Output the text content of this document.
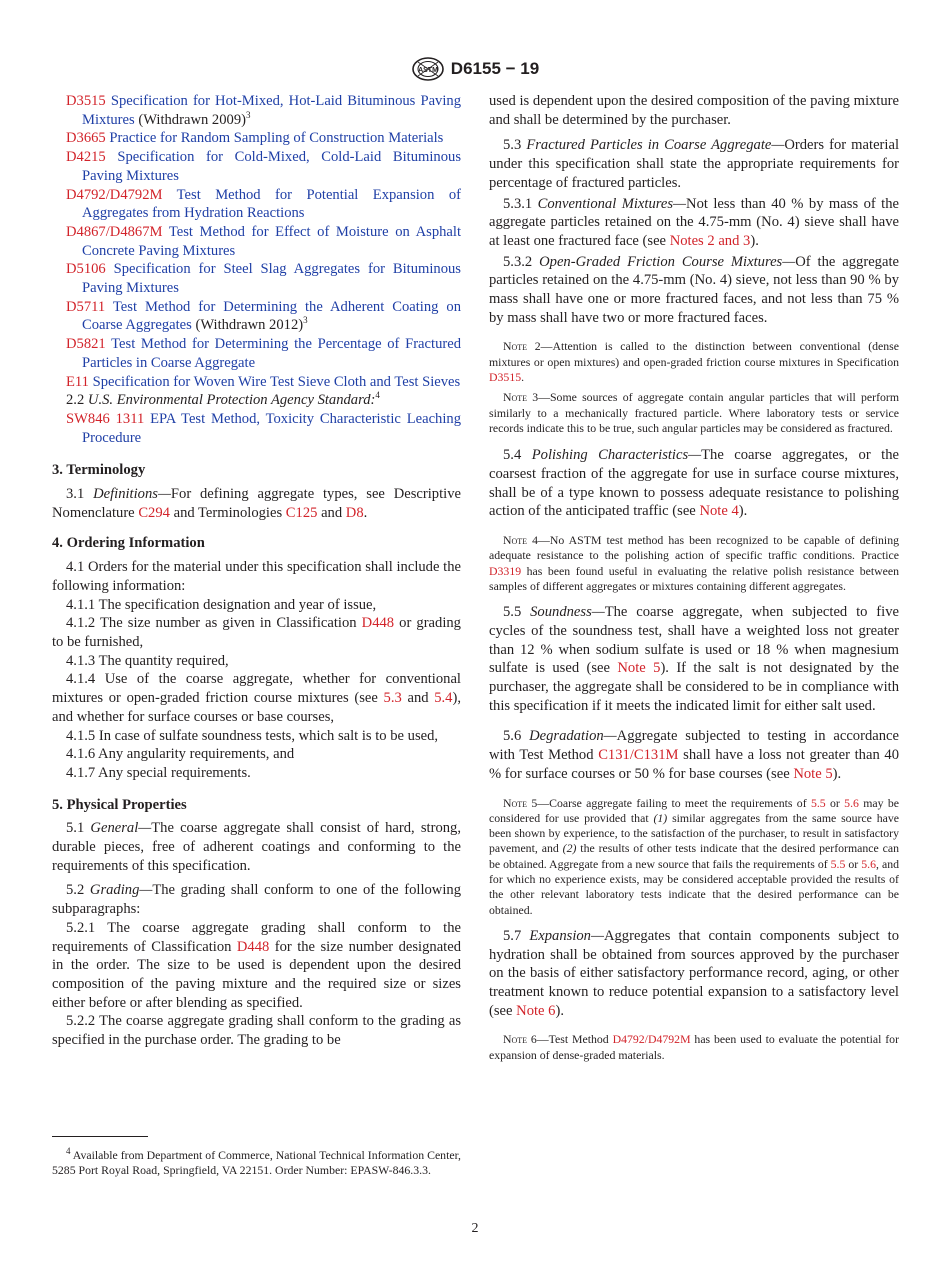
ASTM D6155 − 19

D3515 Specification for Hot-Mixed, Hot-Laid Bituminous Paving Mixtures (Withdrawn 2009)$^3$

D3665 Practice for Random Sampling of Construction Materials

D4215 Specification for Cold-Mixed, Cold-Laid Bituminous Paving Mixtures

D4792/D4792M Test Method for Potential Expansion of Aggregates from Hydration Reactions

D4867/D4867M Test Method for Effect of Moisture on Asphalt Concrete Paving Mixtures

D5106 Specification for Steel Slag Aggregates for Bituminous Paving Mixtures

D5711 Test Method for Determining the Adherent Coating on Coarse Aggregates (Withdrawn 2012)$^3$

D5821 Test Method for Determining the Percentage of Fractured Particles in Coarse Aggregate

E11 Specification for Woven Wire Test Sieve Cloth and Test Sieves

2.2 U.S. Environmental Protection Agency Standard:$^4$

SW846 1311 EPA Test Method, Toxicity Characteristic Leaching Procedure

3. Terminology

3.1 Definitions—For defining aggregate types, see Descriptive Nomenclature C294 and Terminologies C125 and D8.

4. Ordering Information

4.1 Orders for the material under this specification shall include the following information:

4.1.1 The specification designation and year of issue,

4.1.2 The size number as given in Classification D448 or grading to be furnished,

4.1.3 The quantity required,

4.1.4 Use of the coarse aggregate, whether for conventional mixtures or open-graded friction course mixtures (see 5.3 and 5.4), and whether for surface courses or base courses,

4.1.5 In case of sulfate soundness tests, which salt is to be used,

4.1.6 Any angularity requirements, and

4.1.7 Any special requirements.

5. Physical Properties

5.1 General—The coarse aggregate shall consist of hard, strong, durable pieces, free of adherent coatings and conforming to the requirements of this specification.

5.2 Grading—The grading shall conform to one of the following subparagraphs:

5.2.1 The coarse aggregate grading shall conform to the requirements of Classification D448 for the size number designated in the order. The size to be used is dependent upon the desired composition of the paving mixture and the required size or sizes either before or after blending as specified.

5.2.2 The coarse aggregate grading shall conform to the grading as specified in the purchase order. The grading to be

$^4$ Available from Department of Commerce, National Technical Information Center, 5285 Port Royal Road, Springfield, VA 22151. Order Number: EPASW-846.3.3.

used is dependent upon the desired composition of the paving mixture and shall be determined by the purchaser.

5.3 Fractured Particles in Coarse Aggregate—Orders for material under this specification shall state the appropriate requirements for percentage of fractured particles.

5.3.1 Conventional Mixtures—Not less than 40 % by mass of the aggregate particles retained on the 4.75-mm (No. 4) sieve shall have at least one fractured face (see Notes 2 and 3).

5.3.2 Open-Graded Friction Course Mixtures—Of the aggregate particles retained on the 4.75-mm (No. 4) sieve, not less than 90 % by mass shall have one or more fractured faces, and not less than 75 % by mass shall have two or more fractured faces.

Note 2—Attention is called to the distinction between conventional (dense mixtures or open mixtures) and open-graded friction course mixtures in Specification D3515.

Note 3—Some sources of aggregate contain angular particles that will perform similarly to a mechanically fractured particle. Where laboratory tests or service records indicate this to be true, such angular particles may be considered as fractured.

5.4 Polishing Characteristics—The coarse aggregates, or the coarsest fraction of the aggregate for use in surface course mixtures, shall be of a type known to possess adequate resistance to polishing action of the anticipated traffic (see Note 4).

Note 4—No ASTM test method has been recognized to be capable of defining adequate resistance to the polishing action of specific traffic conditions. Practice D3319 has been found useful in evaluating the relative polish resistance between samples of different aggregates or mixtures containing different aggregates.

5.5 Soundness—The coarse aggregate, when subjected to five cycles of the soundness test, shall have a weighted loss not greater than 12 % when sodium sulfate is used or 18 % when magnesium sulfate is used (see Note 5). If the salt is not designated by the purchaser, the aggregate shall be considered to be in compliance with this specification if it meets the indicated limit for either salt used.

5.6 Degradation—Aggregate subjected to testing in accordance with Test Method C131/C131M shall have a loss not greater than 40 % for surface courses or 50 % for base courses (see Note 5).

Note 5—Coarse aggregate failing to meet the requirements of 5.5 or 5.6 may be considered for use provided that (1) similar aggregates from the same source have been shown by experience, to the satisfaction of the purchaser, to result in satisfactory pavement, and (2) the results of other tests indicate that the desired performance can be obtained. Aggregate from a new source that fails the requirements of 5.5 or 5.6, and for which no experience exists, may be considered acceptable provided the results of the other relevant laboratory tests indicate that the desired performance can be obtained.

5.7 Expansion—Aggregates that contain components subject to hydration shall be obtained from sources approved by the purchaser on the basis of either satisfactory performance record, aging, or other treatment known to reduce potential expansion to a satisfactory level (see Note 6).

Note 6—Test Method D4792/D4792M has been used to evaluate the potential for expansion of dense-graded materials.

2
